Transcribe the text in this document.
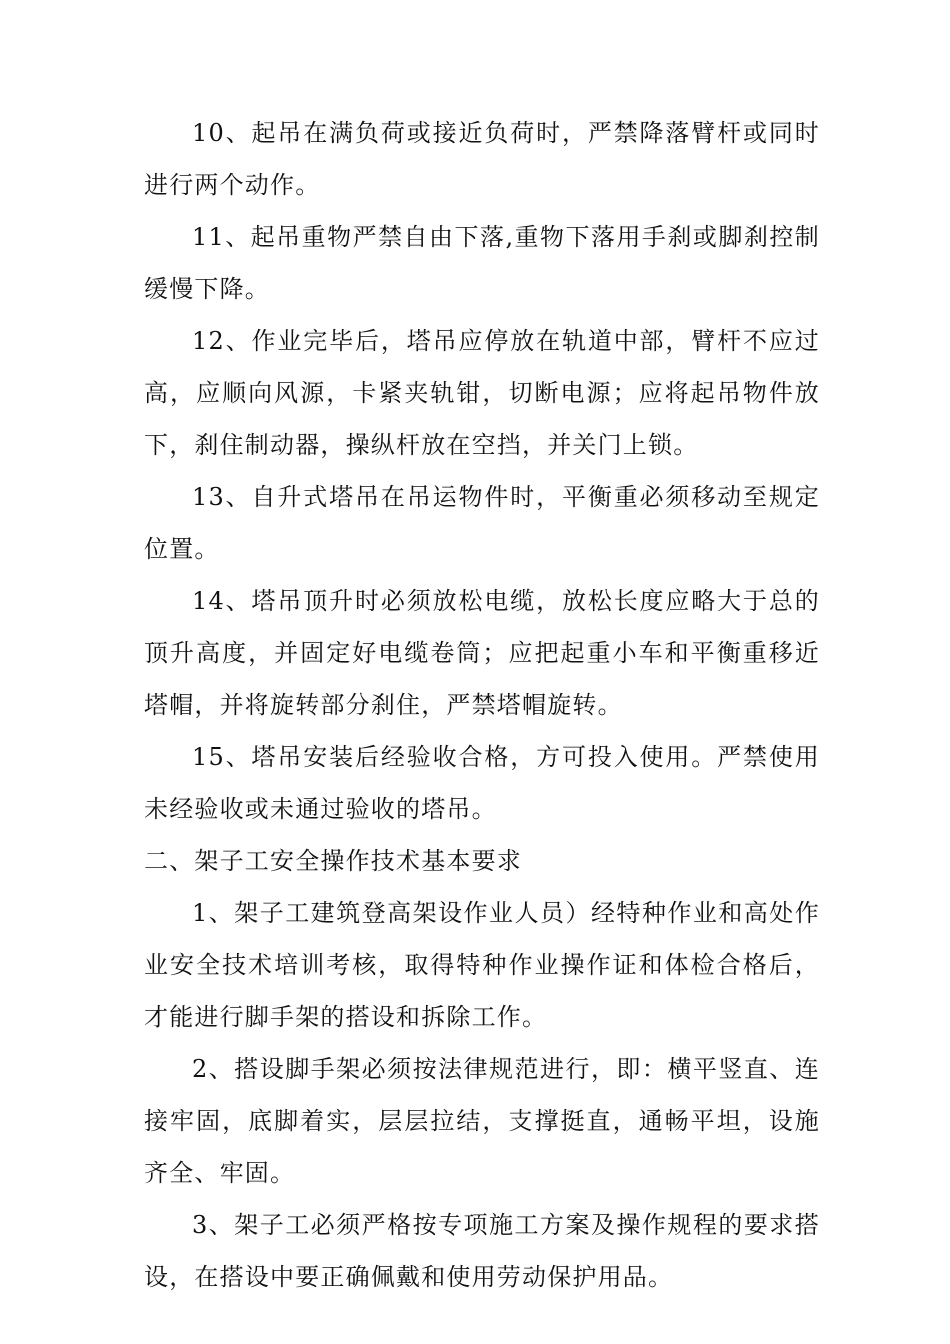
10、起吊在满负荷或接近负荷时，严禁降落臂杆或同时进行两个动作。

11、起吊重物严禁自由下落,重物下落用手刹或脚刹控制缓慢下降。

12、作业完毕后，塔吊应停放在轨道中部，臂杆不应过高，应顺向风源，卡紧夹轨钳，切断电源；应将起吊物件放下，刹住制动器，操纵杆放在空挡，并关门上锁。

13、自升式塔吊在吊运物件时，平衡重必须移动至规定位置。

14、塔吊顶升时必须放松电缆，放松长度应略大于总的顶升高度，并固定好电缆卷筒；应把起重小车和平衡重移近塔帽，并将旋转部分刹住，严禁塔帽旋转。

15、塔吊安装后经验收合格，方可投入使用。严禁使用未经验收或未通过验收的塔吊。

二、架子工安全操作技术基本要求

1、架子工建筑登高架设作业人员）经特种作业和高处作业安全技术培训考核，取得特种作业操作证和体检合格后，才能进行脚手架的搭设和拆除工作。

2、搭设脚手架必须按法律规范进行，即：横平竖直、连接牢固，底脚着实，层层拉结，支撑挺直，通畅平坦，设施齐全、牢固。

3、架子工必须严格按专项施工方案及操作规程的要求搭设，在搭设中要正确佩戴和使用劳动保护用品。
